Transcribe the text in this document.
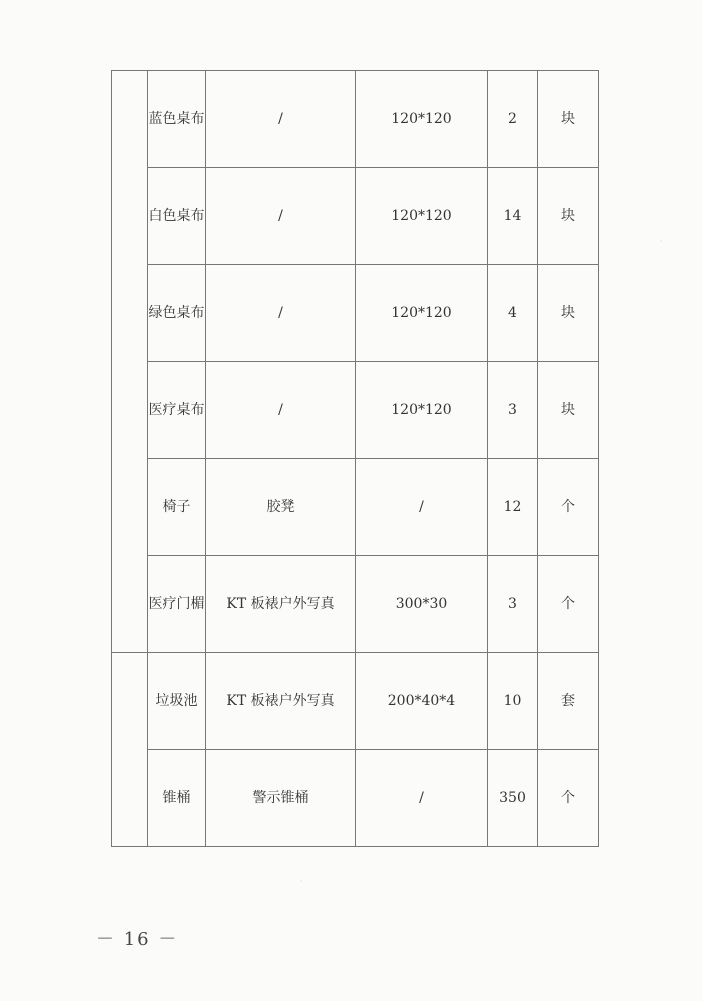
	蓝色桌布	/	120*120	2	块
	白色桌布	/	120*120	14	块
	绿色桌布	/	120*120	4	块
	医疗桌布	/	120*120	3	块
	椅子	胶凳	/	12	个
	医疗门楣	KT 板裱户外写真	300*30	3	个
	垃圾池	KT 板裱户外写真	200*40*4	10	套
	锥桶	警示锥桶	/	350	个
－ 16 －
